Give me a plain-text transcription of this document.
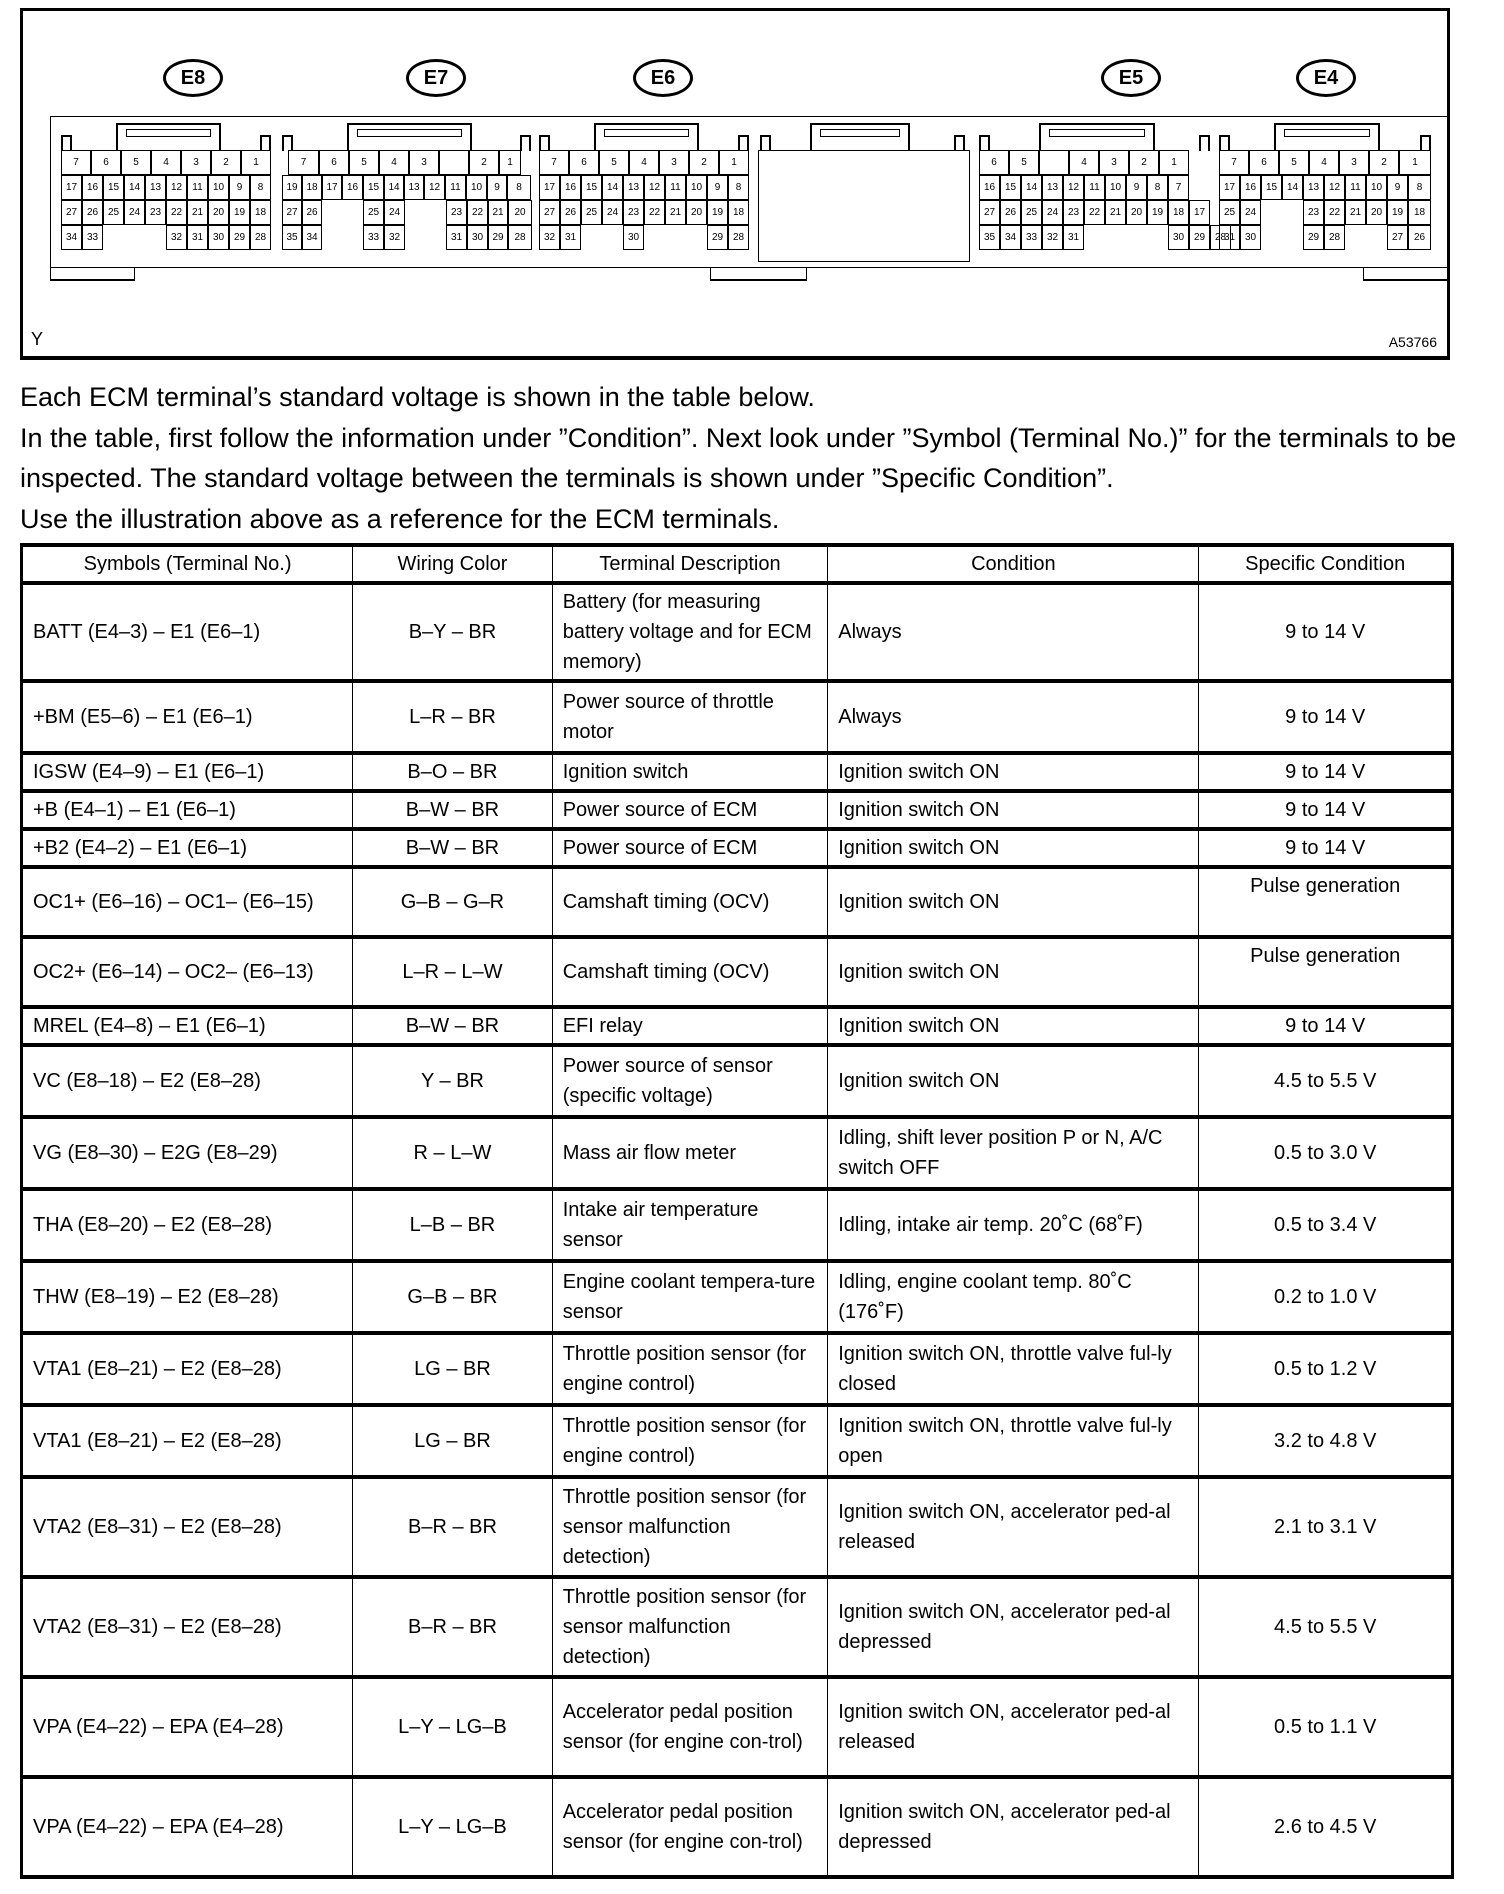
E8	E7	E6	E5	E4
7	6	5	4	3	2	1
17 16 15 14 13 12	11	10	9	8
27 26 25 24 23 22 21 20 19 18
34 33	32 31 30 29 28
7	6	5	4	3	2	1
19 18 17 16 15 14 13 12	11	10	9	8
27 26	25 24	23 22 21	20
35 34	33 32	31 30 29	28
7	6	5	4	3	2	1
17 16 15 14 13 12	11	10	9	8
27 26 25 24 23 22 21 20 19 18
32 31	30	29 28
6	5	4	3	2	1
16 15 14 13 12	11	10	9	8	7
27 26 25 24 23 22 21 20 19 18 17
35 34 33 32 31	30 29 28
7	6	5	4	3	2	1
17 16 15 14 13 12	11	10	9	8
25 24	23 22 21 20 19	18
31 30	29 28	27	26
Y	A53766

Each ECM terminal’s standard voltage is shown in the table below.

In the table, first follow the information under ”Condition”. Next look under ”Symbol (Terminal No.)” for the terminals to be inspected. The standard voltage between the terminals is shown under ”Specific Condition”.

Use the illustration above as a reference for the ECM terminals.

Symbols (Terminal No.)	Wiring Color	Terminal Description	Condition	Specific Condition
BATT (E4–3) – E1 (E6–1)	B–Y – BR	Battery (for measuring battery voltage and for ECM memory)	Always	9 to 14 V
+BM (E5–6) – E1 (E6–1)	L–R – BR	Power source of throttle motor	Always	9 to 14 V
IGSW (E4–9) – E1 (E6–1)	B–O – BR	Ignition switch	Ignition switch ON	9 to 14 V
+B (E4–1) – E1 (E6–1)	B–W – BR	Power source of ECM	Ignition switch ON	9 to 14 V
+B2 (E4–2) – E1 (E6–1)	B–W – BR	Power source of ECM	Ignition switch ON	9 to 14 V
OC1+ (E6–16) – OC1– (E6–15)	G–B – G–R	Camshaft timing (OCV)	Ignition switch ON	Pulse generation
OC2+ (E6–14) – OC2– (E6–13)	L–R – L–W	Camshaft timing (OCV)	Ignition switch ON	Pulse generation
MREL (E4–8) – E1 (E6–1)	B–W – BR	EFI relay	Ignition switch ON	9 to 14 V
VC (E8–18) – E2 (E8–28)	Y – BR	Power source of sensor (specific voltage)	Ignition switch ON	4.5 to 5.5 V
VG (E8–30) – E2G (E8–29)	R – L–W	Mass air flow meter	Idling, shift lever position P or N, A/C switch OFF	0.5 to 3.0 V
THA (E8–20) – E2 (E8–28)	L–B – BR	Intake air temperature sensor	Idling, intake air temp. 20˚C (68˚F)	0.5 to 3.4 V
THW (E8–19) – E2 (E8–28)	G–B – BR	Engine coolant tempera-ture sensor	Idling, engine coolant temp. 80˚C (176˚F)	0.2 to 1.0 V
VTA1 (E8–21) – E2 (E8–28)	LG – BR	Throttle position sensor (for engine control)	Ignition switch ON, throttle valve ful-ly closed	0.5 to 1.2 V
VTA1 (E8–21) – E2 (E8–28)	LG – BR	Throttle position sensor (for engine control)	Ignition switch ON, throttle valve ful-ly open	3.2 to 4.8 V
VTA2 (E8–31) – E2 (E8–28)	B–R – BR	Throttle position sensor (for sensor malfunction detection)	Ignition switch ON, accelerator ped-al released	2.1 to 3.1 V
VTA2 (E8–31) – E2 (E8–28)	B–R – BR	Throttle position sensor (for sensor malfunction detection)	Ignition switch ON, accelerator ped-al depressed	4.5 to 5.5 V
VPA (E4–22) – EPA (E4–28)	L–Y – LG–B	Accelerator pedal position sensor (for engine con-trol)	Ignition switch ON, accelerator ped-al released	0.5 to 1.1 V
VPA (E4–22) – EPA (E4–28)	L–Y – LG–B	Accelerator pedal position sensor (for engine con-trol)	Ignition switch ON, accelerator ped-al depressed	2.6 to 4.5 V
